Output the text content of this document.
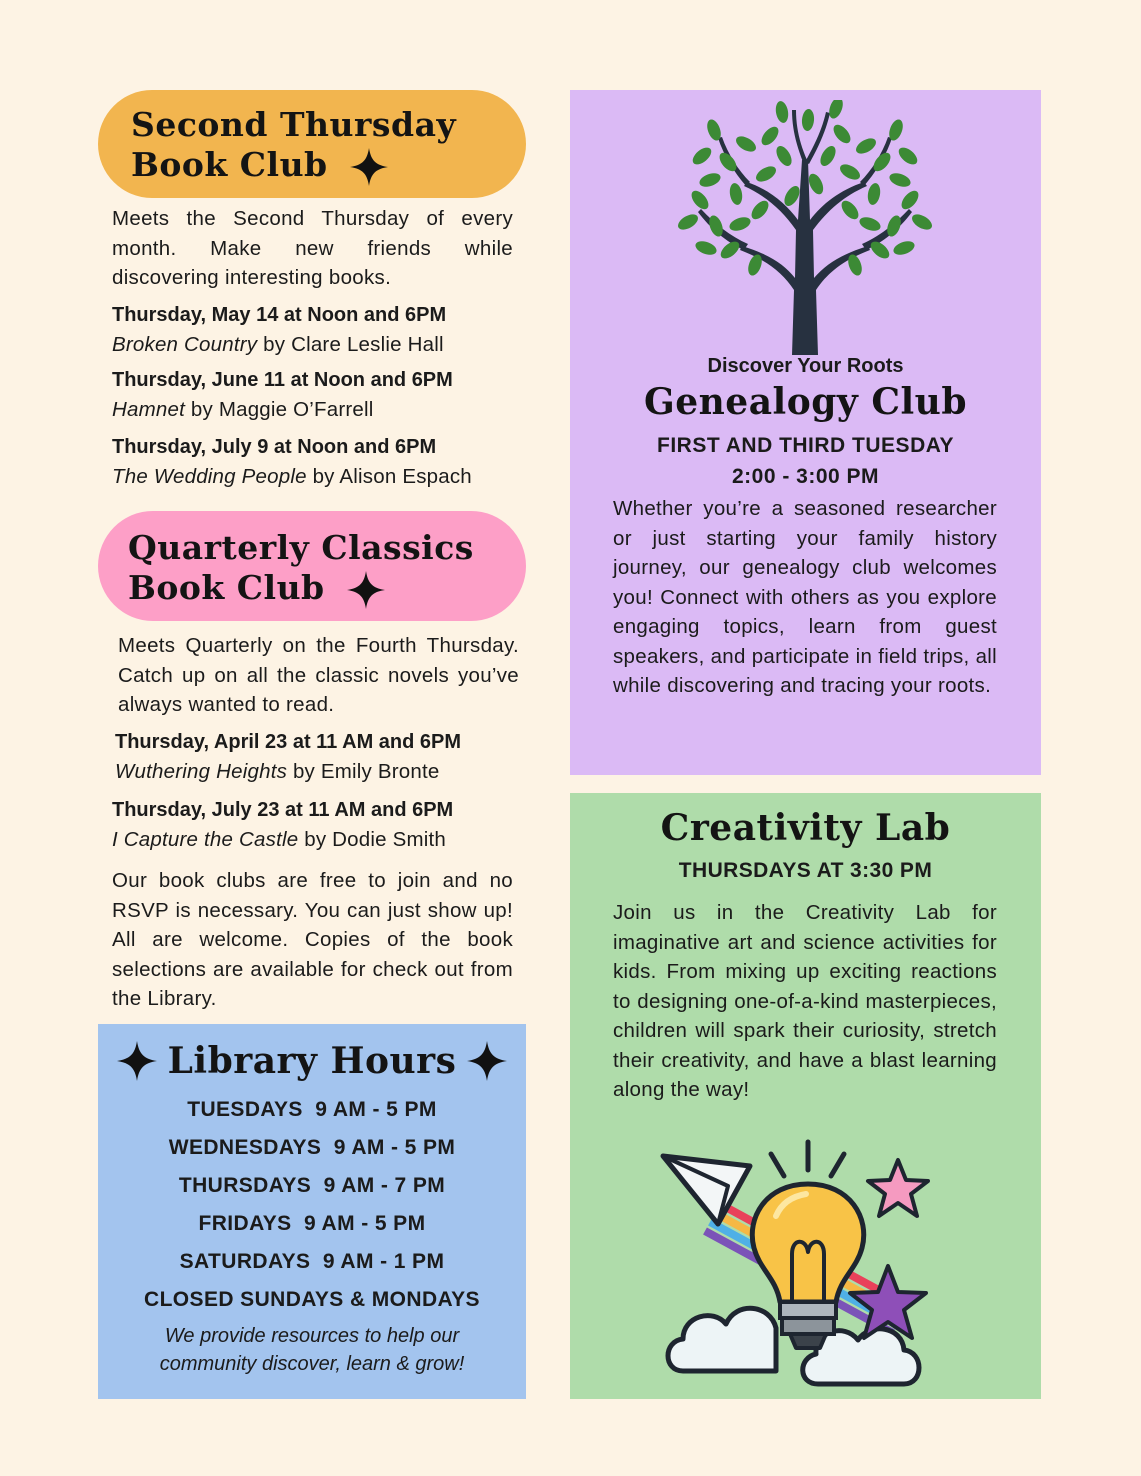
Second Thursday
Book Club

Meets the Second Thursday of every month. Make new friends while discovering interesting books.

Thursday, May 14 at Noon and 6PM
Broken Country by Clare Leslie Hall
Thursday, June 11 at Noon and 6PM
Hamnet by Maggie O’Farrell
Thursday, July 9 at Noon and 6PM
The Wedding People by Alison Espach
Quarterly Classics
Book Club

Meets Quarterly on the Fourth Thursday. Catch up on all the classic novels you’ve always wanted to read.

Thursday, April 23 at 11 AM and 6PM
Wuthering Heights by Emily Bronte
Thursday, July 23 at 11 AM and 6PM
I Capture the Castle by Dodie Smith

Our book clubs are free to join and no RSVP is necessary. You can just show up! All are welcome. Copies of the book selections are available for check out from the Library.

Library Hours
TUESDAYS  9 AM - 5 PM
WEDNESDAYS  9 AM - 5 PM
THURSDAYS  9 AM - 7 PM
FRIDAYS  9 AM - 5 PM
SATURDAYS  9 AM - 1 PM
CLOSED SUNDAYS & MONDAYS
We provide resources to help our
community discover, learn & grow!
Discover Your Roots
Genealogy Club
FIRST AND THIRD TUESDAY
2:00 - 3:00 PM

Whether you’re a seasoned researcher or just starting your family history journey, our genealogy club welcomes you! Connect with others as you explore engaging topics, learn from guest speakers, and participate in field trips, all while discovering and tracing your roots.

Creativity Lab
THURSDAYS AT 3:30 PM

Join us in the Creativity Lab for imaginative art and science activities for kids. From mixing up exciting reactions to designing one-of-a-kind masterpieces, children will spark their curiosity, stretch their creativity, and have a blast learning along the way!
